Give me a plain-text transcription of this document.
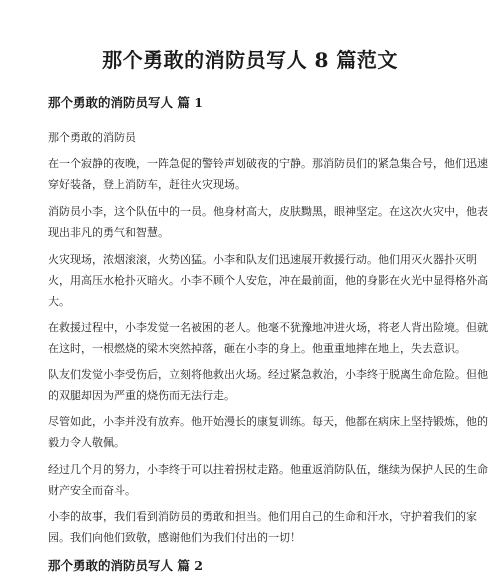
那个勇敢的消防员写人 8 篇范文
那个勇敢的消防员写人 篇 1
那个勇敢的消防员
在一个寂静的夜晚，一阵急促的警铃声划破夜的宁静。那消防员们的紧急集合号，他们迅速
穿好装备，登上消防车，赶往火灾现场。
消防员小李，这个队伍中的一员。他身材高大，皮肤黝黑，眼神坚定。在这次火灾中，他表
现出非凡的勇气和智慧。
火灾现场，浓烟滚滚，火势凶猛。小李和队友们迅速展开救援行动。他们用灭火器扑灭明
火，用高压水枪扑灭暗火。小李不顾个人安危，冲在最前面，他的身影在火光中显得格外高
大。
在救援过程中，小李发觉一名被困的老人。他毫不犹豫地冲进火场，将老人背出险境。但就
在这时，一根燃烧的梁木突然掉落，砸在小李的身上。他重重地摔在地上，失去意识。
队友们发觉小李受伤后，立刻将他救出火场。经过紧急救治，小李终于脱离生命危险。但他
的双腿却因为严重的烧伤而无法行走。
尽管如此，小李并没有放弃。他开始漫长的康复训练。每天，他都在病床上坚持锻炼，他的
毅力令人敬佩。
经过几个月的努力，小李终于可以拄着拐杖走路。他重返消防队伍，继续为保护人民的生命
财产安全而奋斗。
小李的故事，我们看到消防员的勇敢和担当。他们用自己的生命和汗水，守护着我们的家
园。我们向他们致敬，感谢他们为我们付出的一切！
那个勇敢的消防员写人 篇 2
